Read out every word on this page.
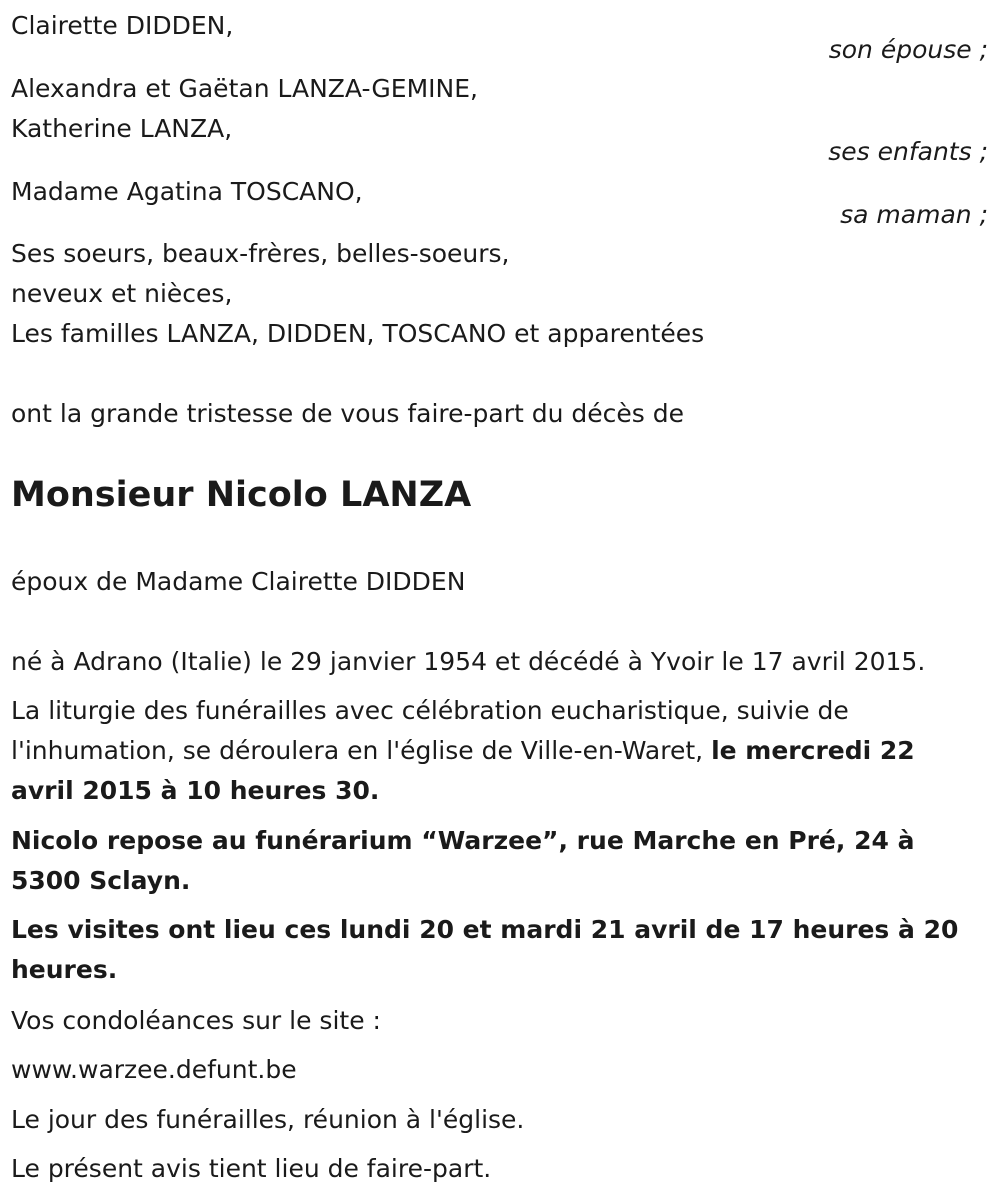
Clairette DIDDEN,
son épouse ;
Alexandra et Gaëtan LANZA-GEMINE,
Katherine LANZA,
ses enfants ;
Madame Agatina TOSCANO,
sa maman ;
Ses soeurs, beaux-frères, belles-soeurs,
neveux et nièces,
Les familles LANZA, DIDDEN, TOSCANO et apparentées
ont la grande tristesse de vous faire-part du décès de
Monsieur Nicolo LANZA
époux de Madame Clairette DIDDEN
né à Adrano (Italie) le 29 janvier 1954 et décédé à Yvoir le 17 avril 2015.
La liturgie des funérailles avec célébration eucharistique, suivie de l'inhumation, se déroulera en l'église de Ville-en-Waret, le mercredi 22 avril 2015 à 10 heures 30.
Nicolo repose au funérarium “Warzee”, rue Marche en Pré, 24 à 5300 Sclayn.
Les visites ont lieu ces lundi 20 et mardi 21 avril de 17 heures à 20 heures.
Vos condoléances sur le site :
www.warzee.defunt.be
Le jour des funérailles, réunion à l'église.
Le présent avis tient lieu de faire-part.
